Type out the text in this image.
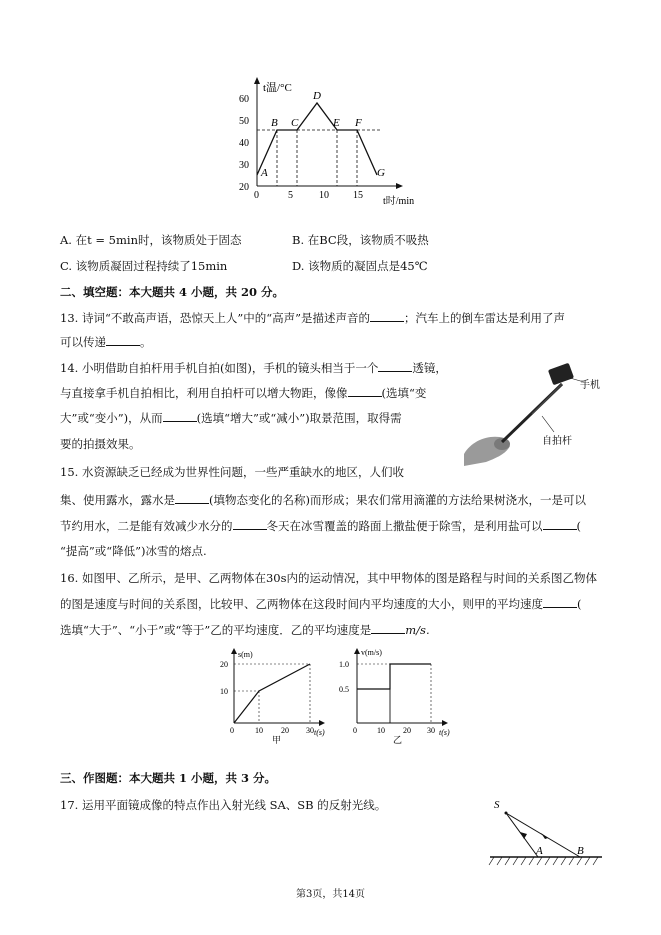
t温/°C
t时/min
60
50
40
30
20
0	5	10 15
A
B C
D
E F
G
A. 在t = 5min时，该物质处于固态	B. 在BC段，该物质不吸热
C. 该物质凝固过程持续了15min	D. 该物质的凝固点是45℃
二、填空题：本大题共 4 小题，共 20 分。
13. 诗词“不敢高声语，恐惊天上人”中的“高声”是描述声音的	；汽车上的倒车雷达是利用了声
可以传递	。
14. 小明借助自拍杆用手机自拍(如图)，手机的镜头相当于一个	透镜，
与直接拿手机自拍相比，利用自拍杆可以增大物距，像像	(选填“变
大”或“变小”)，从而	(选填“增大”或“减小”)取景范围，取得需
要的拍摄效果。
手机
自拍杆
15. 水资源缺乏已经成为世界性问题，一些严重缺水的地区，人们收
集、使用露水，露水是	(填物态变化的名称)而形成；果农们常用滴灌的方法给果树浇水，一是可以
节约用水，二是能有效减少水分的	冬天在冰雪覆盖的路面上撒盐便于除雪，是利用盐可以	(
“提高”或“降低”)冰雪的熔点.
16. 如图甲、乙所示，是甲、乙两物体在30s内的运动情况，其中甲物体的图是路程与时间的关系图乙物体
的图是速度与时间的关系图，比较甲、乙两物体在这段时间内平均速度的大小，则甲的平均速度	(
选填“大于”、“小于”或“等于”乙的平均速度．乙的平均速度是	m/s.
s(m)
t(s)
20
10
0	10 20 30
甲
v(m/s)
t(s)
1.0
0.5
0	10 20 30
乙
三、作图题：本大题共 1 小题，共 3 分。
17. 运用平面镜成像的特点作出入射光线 SA、SB 的反射光线。	S
A	B
第3页，共14页
